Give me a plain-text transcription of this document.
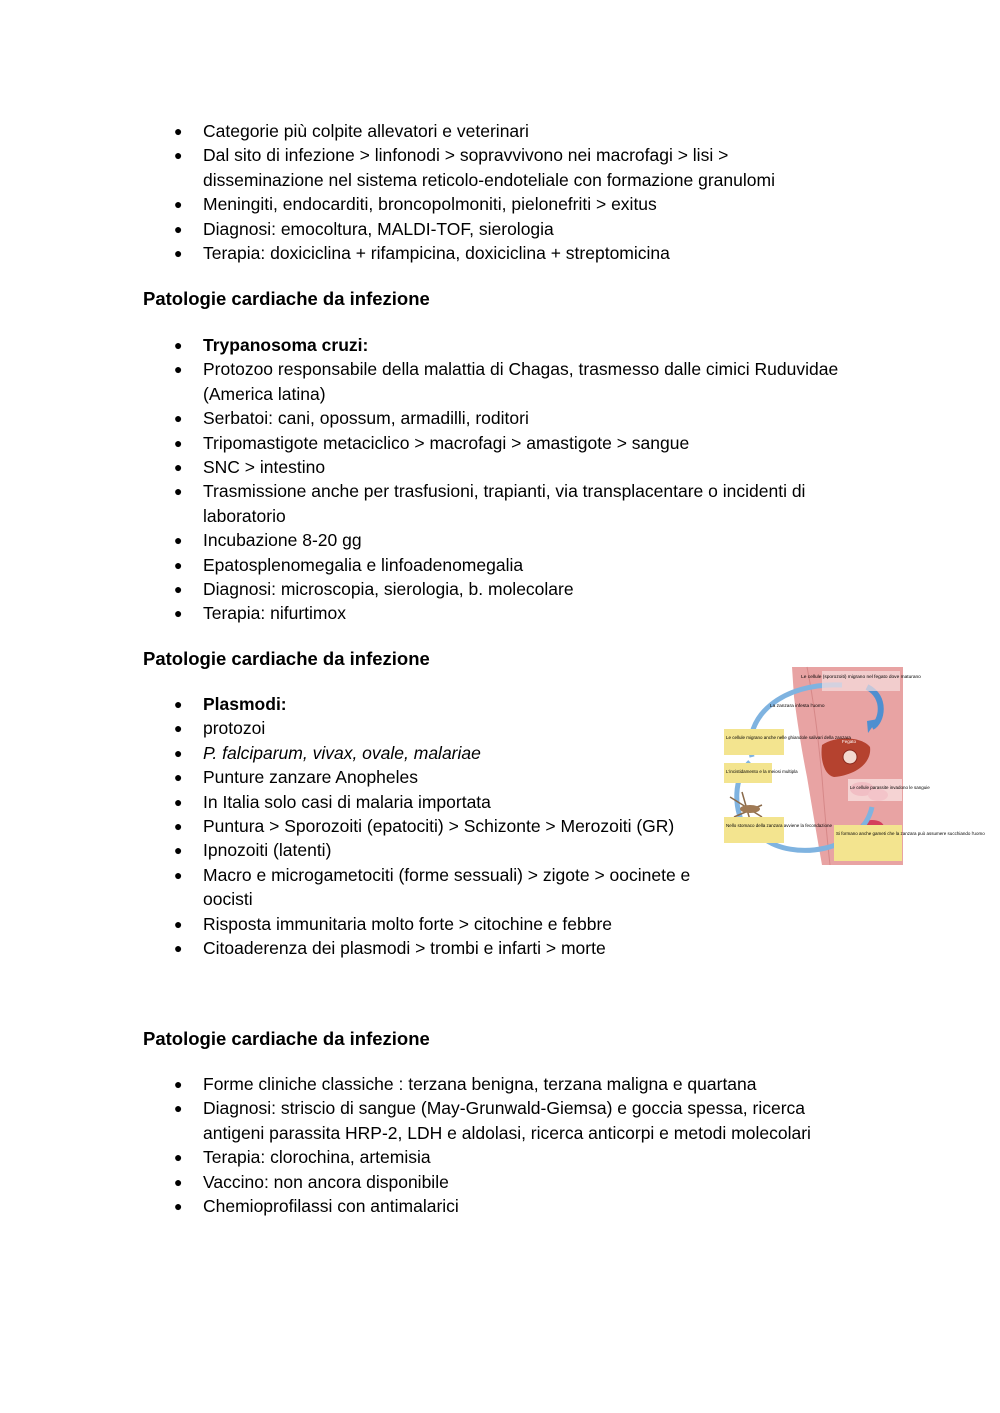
● Categorie più colpite allevatori e veterinari
● Dal sito di infezione > linfonodi > sopravvivono nei macrofagi > lisi > disseminazione nel sistema reticolo-endoteliale con formazione granulomi
● Meningiti, endocarditi, broncopolmoniti, pielonefriti > exitus
● Diagnosi: emocoltura, MALDI-TOF, sierologia
● Terapia: doxiciclina + rifampicina, doxiciclina + streptomicina
Patologie cardiache da infezione
● Trypanosoma cruzi:
● Protozoo responsabile della malattia di Chagas, trasmesso dalle cimici Ruduvidae (America latina)
● Serbatoi: cani, opossum, armadilli, roditori
● Tripomastigote metaciclico > macrofagi > amastigote > sangue
● SNC > intestino
● Trasmissione anche per trasfusioni, trapianti, via transplacentare o incidenti di laboratorio
● Incubazione 8-20 gg
● Epatosplenomegalia e linfoadenomegalia
● Diagnosi: microscopia, sierologia, b. molecolare
● Terapia: nifurtimox
Patologie cardiache da infezione
● Plasmodi:
● protozoi
● P. falciparum, vivax, ovale, malariae
● Punture zanzare Anopheles
● In Italia solo casi di malaria importata
● Puntura > Sporozoiti (epatociti) > Schizonte > Merozoiti (GR)
● Ipnozoiti (latenti)
● Macro e microgametociti (forme sessuali) > zigote > oocinete e oocisti
● Risposta immunitaria molto forte > citochine e febbre
● Citoaderenza dei plasmodi > trombi e infarti > morte
Le cellule (sporozoiti) migrano nel fegato dove maturano
La zanzara infesta l'uomo
Le cellule migrano anche nelle ghiandole salivari della zanzara
Fegato
L'incistidamento e la meiosi multipla
Le cellule parassite invadono le sanguie
Nello stomaco della zanzara avviene la fecondazione
Si formano anche gameti che la zanzara può assumere succhiando l'uomo
Patologie cardiache da infezione
● Forme cliniche classiche : terzana benigna, terzana maligna e quartana
● Diagnosi: striscio di sangue (May-Grunwald-Giemsa) e goccia spessa, ricerca antigeni parassita HRP-2, LDH e aldolasi, ricerca anticorpi e metodi molecolari
● Terapia: clorochina, artemisia
● Vaccino: non ancora disponibile
● Chemioprofilassi con antimalarici
